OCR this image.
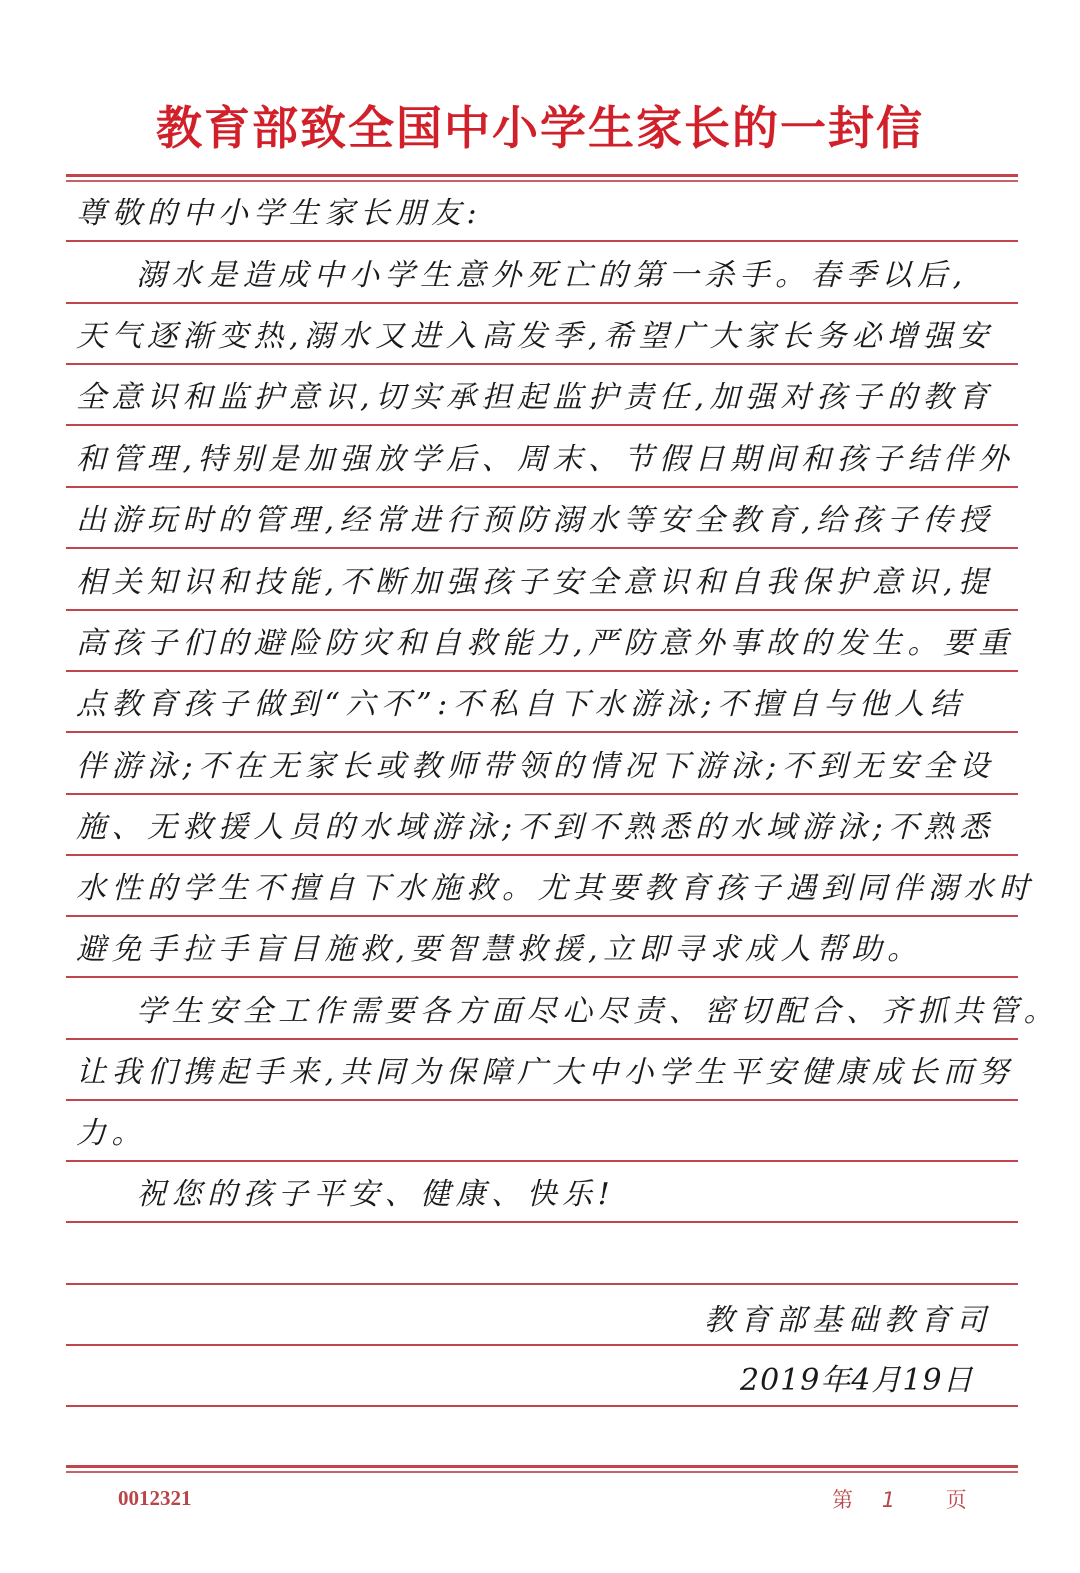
教育部致全国中小学生家长的一封信
尊敬的中小学生家长朋友:
溺水是造成中小学生意外死亡的第一杀手。春季以后,
天气逐渐变热,溺水又进入高发季,希望广大家长务必增强安
全意识和监护意识,切实承担起监护责任,加强对孩子的教育
和管理,特别是加强放学后、周末、节假日期间和孩子结伴外
出游玩时的管理,经常进行预防溺水等安全教育,给孩子传授
相关知识和技能,不断加强孩子安全意识和自我保护意识,提
高孩子们的避险防灾和自救能力,严防意外事故的发生。要重
点教育孩子做到“六不”:不私自下水游泳;不擅自与他人结
伴游泳;不在无家长或教师带领的情况下游泳;不到无安全设
施、无救援人员的水域游泳;不到不熟悉的水域游泳;不熟悉
水性的学生不擅自下水施救。尤其要教育孩子遇到同伴溺水时
避免手拉手盲目施救,要智慧救援,立即寻求成人帮助。
学生安全工作需要各方面尽心尽责、密切配合、齐抓共管。
让我们携起手来,共同为保障广大中小学生平安健康成长而努
力。
祝您的孩子平安、健康、快乐!
教育部基础教育司
2019年4月19日
0012321	第 1 页
